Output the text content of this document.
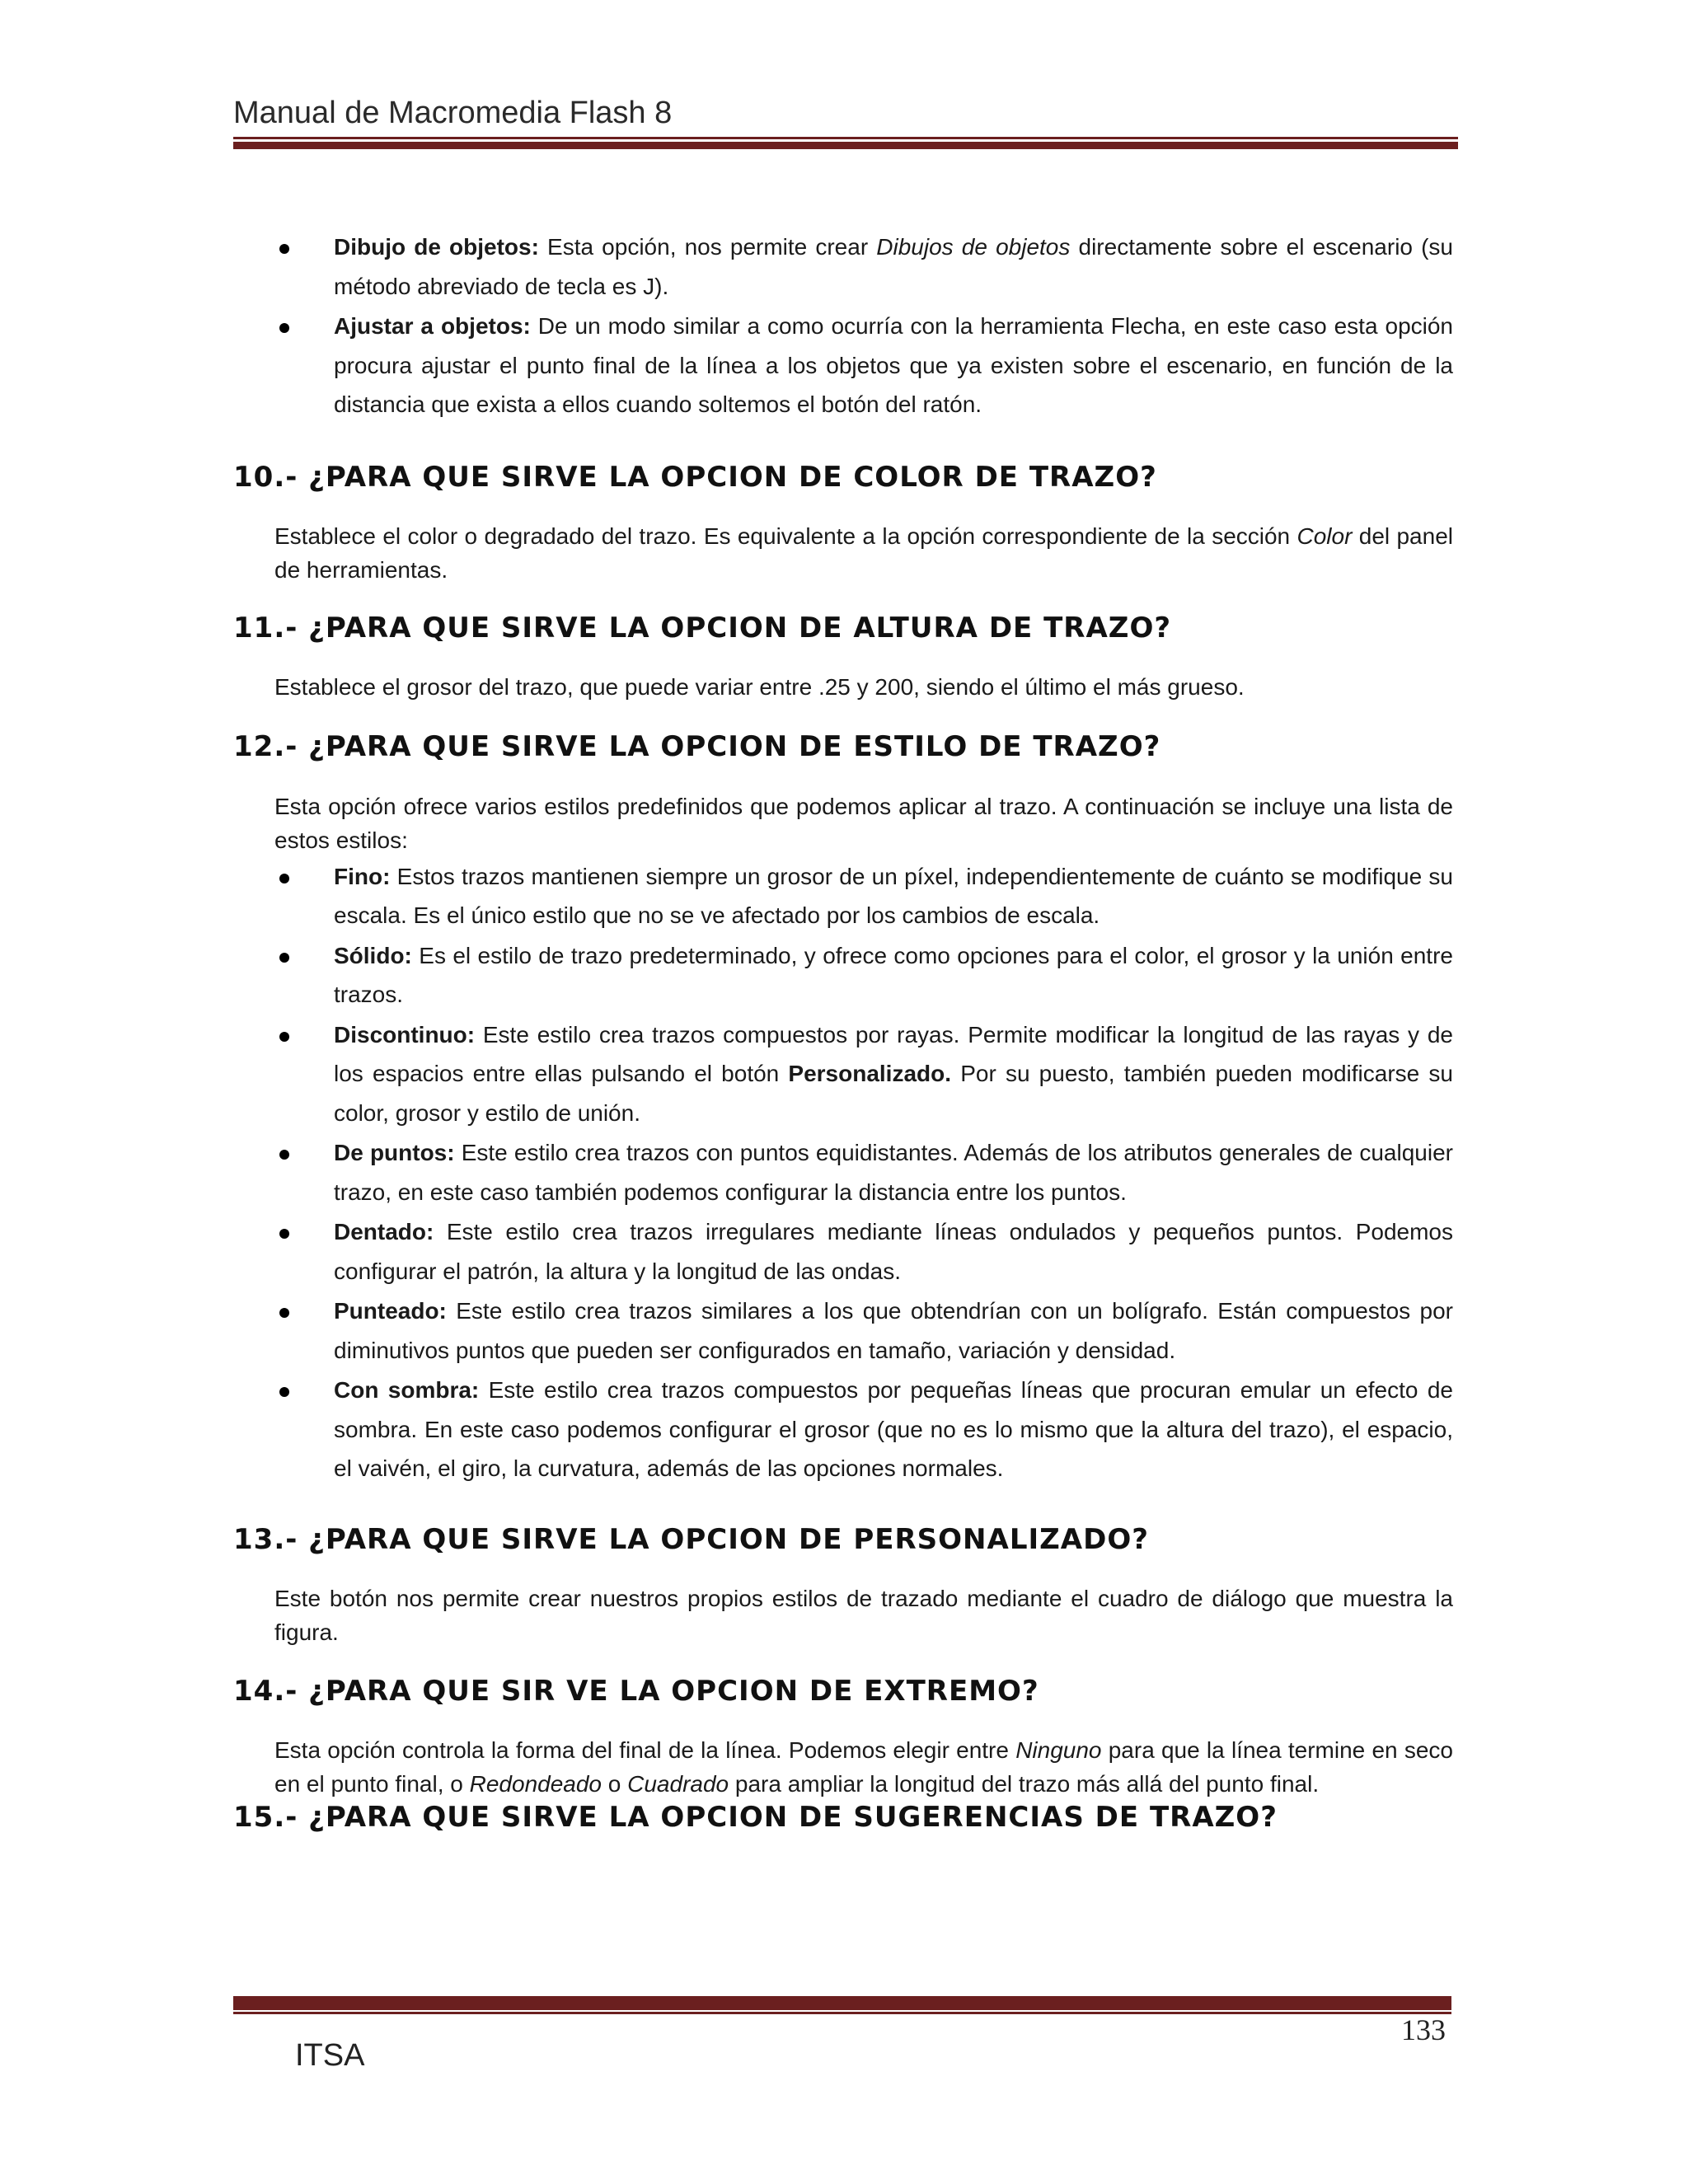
Manual de Macromedia Flash 8
Dibujo de objetos: Esta opción, nos permite crear Dibujos de objetos directamente sobre el escenario (su método abreviado de tecla es J).
Ajustar a objetos: De un modo similar a como ocurría con la herramienta Flecha, en este caso esta opción procura ajustar el punto final de la línea a los objetos que ya existen sobre el escenario, en función de la distancia que exista a ellos cuando soltemos el botón del ratón.
10.- ¿PARA QUE SIRVE LA OPCION DE COLOR DE TRAZO?
Establece el color o degradado del trazo. Es equivalente a la opción correspondiente de la sección Color del panel de herramientas.
11.- ¿PARA QUE SIRVE LA OPCION DE ALTURA DE TRAZO?
Establece el grosor del trazo, que puede variar entre .25 y 200, siendo el último el más grueso.
12.- ¿PARA QUE SIRVE LA OPCION DE ESTILO DE TRAZO?
Esta opción ofrece varios estilos predefinidos que podemos aplicar al trazo. A continuación se incluye una lista de estos estilos:
Fino: Estos trazos mantienen siempre un grosor de un píxel, independientemente de cuánto se modifique su escala. Es el único estilo que no se ve afectado por los cambios de escala.
Sólido: Es el estilo de trazo predeterminado, y ofrece como opciones para el color, el grosor y la unión entre trazos.
Discontinuo: Este estilo crea trazos compuestos por rayas. Permite modificar la longitud de las rayas y de los espacios entre ellas pulsando el botón Personalizado. Por su puesto, también pueden modificarse su color, grosor y estilo de unión.
De puntos: Este estilo crea trazos con puntos equidistantes. Además de los atributos generales de cualquier trazo, en este caso también podemos configurar la distancia entre los puntos.
Dentado: Este estilo crea trazos irregulares mediante líneas ondulados y pequeños puntos. Podemos configurar el patrón, la altura y la longitud de las ondas.
Punteado: Este estilo crea trazos similares a los que obtendrían con un bolígrafo. Están compuestos por diminutivos puntos que pueden ser configurados en tamaño, variación y densidad.
Con sombra: Este estilo crea trazos compuestos por pequeñas líneas que procuran emular un efecto de sombra. En este caso podemos configurar el grosor (que no es lo mismo que la altura del trazo), el espacio, el vaivén, el giro, la curvatura, además de las opciones normales.
13.- ¿PARA QUE SIRVE LA OPCION DE PERSONALIZADO?
Este botón nos permite crear nuestros propios estilos de trazado mediante el cuadro de diálogo que muestra la figura.
14.- ¿PARA QUE SIR VE LA OPCION DE EXTREMO?
Esta opción controla la forma del final de la línea. Podemos elegir entre Ninguno para que la línea termine en seco en el punto final, o Redondeado o Cuadrado para ampliar la longitud del trazo más allá del punto final.
15.- ¿PARA QUE SIRVE LA OPCION DE SUGERENCIAS DE TRAZO?
133
ITSA
